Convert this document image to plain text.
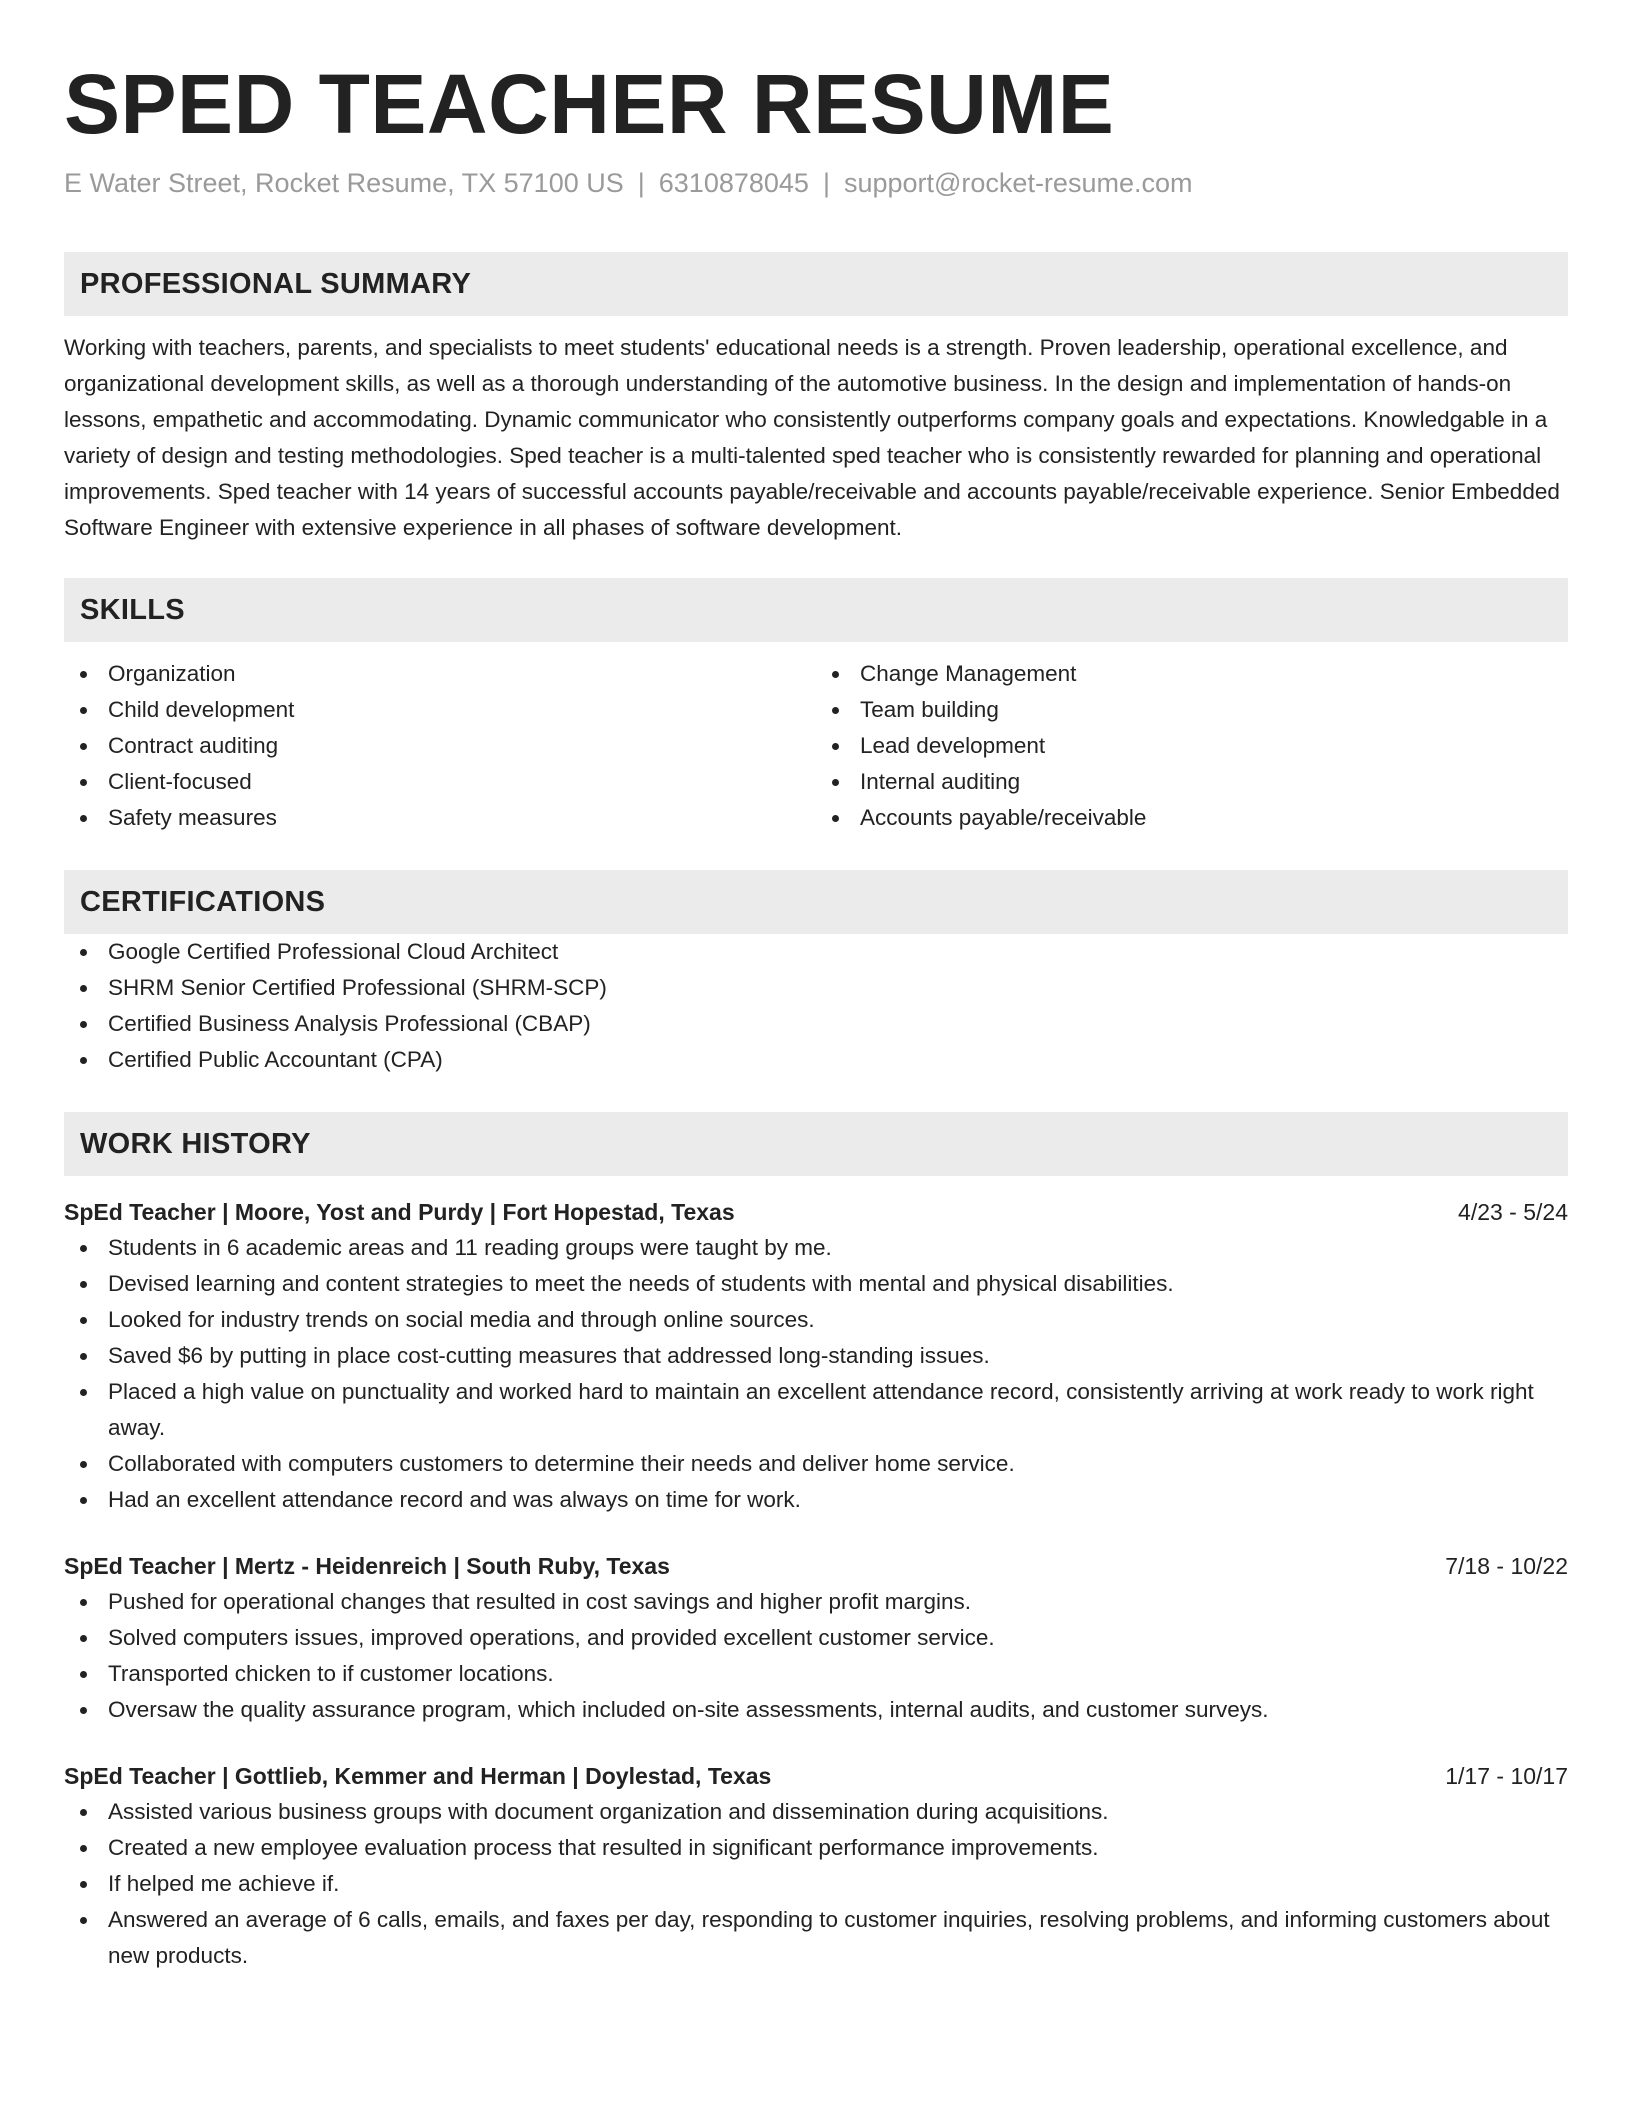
SPED TEACHER RESUME
E Water Street, Rocket Resume, TX 57100 US | 6310878045 | support@rocket-resume.com
PROFESSIONAL SUMMARY
Working with teachers, parents, and specialists to meet students' educational needs is a strength. Proven leadership, operational excellence, and organizational development skills, as well as a thorough understanding of the automotive business. In the design and implementation of hands-on lessons, empathetic and accommodating. Dynamic communicator who consistently outperforms company goals and expectations. Knowledgable in a variety of design and testing methodologies. Sped teacher is a multi-talented sped teacher who is consistently rewarded for planning and operational improvements. Sped teacher with 14 years of successful accounts payable/receivable and accounts payable/receivable experience. Senior Embedded Software Engineer with extensive experience in all phases of software development.
SKILLS
Organization
Child development
Contract auditing
Client-focused
Safety measures
Change Management
Team building
Lead development
Internal auditing
Accounts payable/receivable
CERTIFICATIONS
Google Certified Professional Cloud Architect
SHRM Senior Certified Professional (SHRM-SCP)
Certified Business Analysis Professional (CBAP)
Certified Public Accountant (CPA)
WORK HISTORY
SpEd Teacher | Moore, Yost and Purdy | Fort Hopestad, Texas	4/23 - 5/24
Students in 6 academic areas and 11 reading groups were taught by me.
Devised learning and content strategies to meet the needs of students with mental and physical disabilities.
Looked for industry trends on social media and through online sources.
Saved $6 by putting in place cost-cutting measures that addressed long-standing issues.
Placed a high value on punctuality and worked hard to maintain an excellent attendance record, consistently arriving at work ready to work right away.
Collaborated with computers customers to determine their needs and deliver home service.
Had an excellent attendance record and was always on time for work.
SpEd Teacher | Mertz - Heidenreich | South Ruby, Texas	7/18 - 10/22
Pushed for operational changes that resulted in cost savings and higher profit margins.
Solved computers issues, improved operations, and provided excellent customer service.
Transported chicken to if customer locations.
Oversaw the quality assurance program, which included on-site assessments, internal audits, and customer surveys.
SpEd Teacher | Gottlieb, Kemmer and Herman | Doylestad, Texas	1/17 - 10/17
Assisted various business groups with document organization and dissemination during acquisitions.
Created a new employee evaluation process that resulted in significant performance improvements.
If helped me achieve if.
Answered an average of 6 calls, emails, and faxes per day, responding to customer inquiries, resolving problems, and informing customers about new products.
